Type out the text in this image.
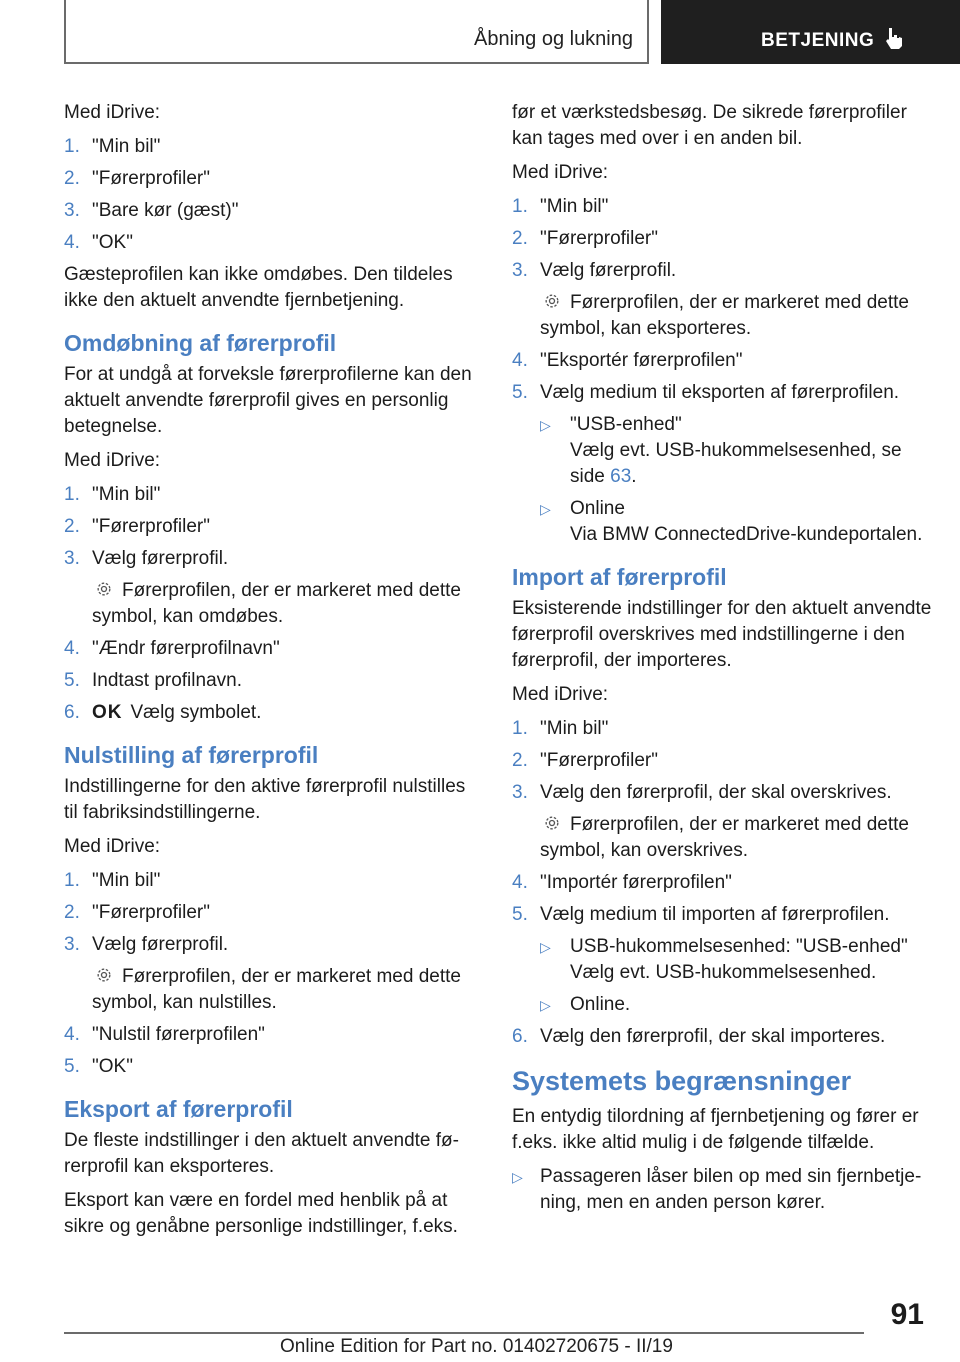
Åbning og lukning	BETJENING

Med iDrive:

1. "Min bil"
2. "Førerprofiler"
3. "Bare kør (gæst)"
4. "OK"

Gæsteprofilen kan ikke omdøbes. Den tildeles ikke den aktuelt anvendte fjernbetjening.

Omdøbning af førerprofil

For at undgå at forveksle førerprofilerne kan den aktuelt anvendte førerprofil gives en personlig betegnelse.

Med iDrive:

1. "Min bil"
2. "Førerprofiler"
3. Vælg førerprofil.

Førerprofilen, der er markeret med dette symbol, kan omdøbes.

4. "Ændr førerprofilnavn"
5. Indtast profilnavn.
6. OK Vælg symbolet.
Nulstilling af førerprofil

Indstillingerne for den aktive førerprofil nulstilles til fabriksindstillingerne.

Med iDrive:

1. "Min bil"
2. "Førerprofiler"
3. Vælg førerprofil.

Førerprofilen, der er markeret med dette symbol, kan nulstilles.

4. "Nulstil førerprofilen"
5. "OK"
Eksport af førerprofil

De fleste indstillinger i den aktuelt anvendte førerprofil kan eksporteres.

Eksport kan være en fordel med henblik på at sikre og genåbne personlige indstillinger, f.eks.

før et værkstedsbesøg. De sikrede førerprofiler kan tages med over i en anden bil.

Med iDrive:

1. "Min bil"
2. "Førerprofiler"
3. Vælg førerprofil.

Førerprofilen, der er markeret med dette symbol, kan eksporteres.

4. "Eksportér førerprofilen"
5. Vælg medium til eksporten af førerprofilen.
▷ "USB-enhed"
Vælg evt. USB-hukommelsesenhed, se side 63.
▷ Online
Via BMW ConnectedDrive-kundeportalen.
Import af førerprofil

Eksisterende indstillinger for den aktuelt anvendte førerprofil overskrives med indstillingerne i den førerprofil, der importeres.

Med iDrive:

1. "Min bil"
2. "Førerprofiler"
3. Vælg den førerprofil, der skal overskrives.

Førerprofilen, der er markeret med dette symbol, kan overskrives.

4. "Importér førerprofilen"
5. Vælg medium til importen af førerprofilen.
▷ USB-hukommelsesenhed: "USB-enhed"
Vælg evt. USB-hukommelsesenhed.
▷ Online.
6. Vælg den førerprofil, der skal importeres.
Systemets begrænsninger

En entydig tilordning af fjernbetjening og fører er f.eks. ikke altid mulig i de følgende tilfælde.

▷ Passageren låser bilen op med sin fjernbetjening, men en anden person kører.
91
Online Edition for Part no. 01402720675 - II/19
